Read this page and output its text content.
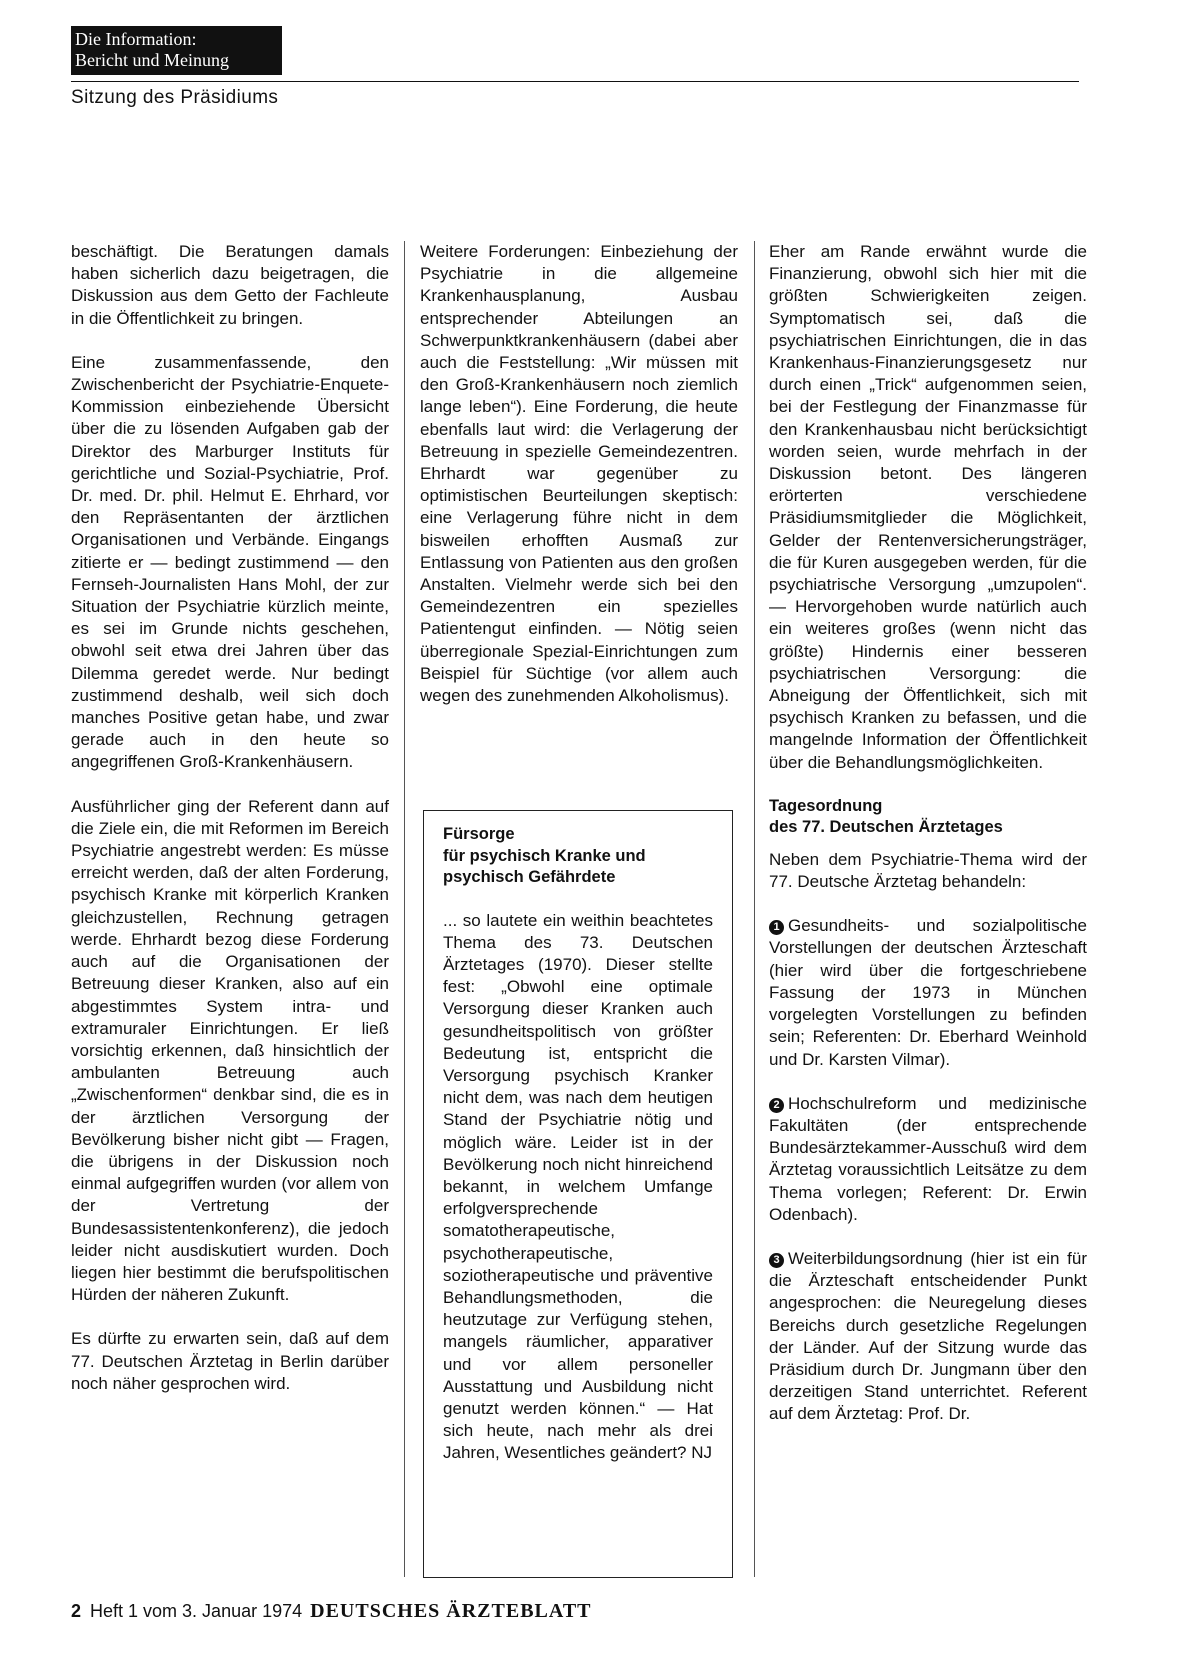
Die Information:
Bericht und Meinung
Sitzung des Präsidiums

beschäftigt. Die Beratungen damals haben sicherlich dazu beigetragen, die Diskussion aus dem Getto der Fachleute in die Öffentlichkeit zu bringen.

Eine zusammenfassende, den Zwischenbericht der Psychiatrie-Enquete-Kommission einbeziehende Übersicht über die zu lösenden Aufgaben gab der Direktor des Marburger Instituts für gerichtliche und Sozial-Psychiatrie, Prof. Dr. med. Dr. phil. Helmut E. Ehrhard, vor den Repräsentanten der ärztlichen Organisationen und Verbände. Eingangs zitierte er — bedingt zustimmend — den Fernseh-Journalisten Hans Mohl, der zur Situation der Psychiatrie kürzlich meinte, es sei im Grunde nichts geschehen, obwohl seit etwa drei Jahren über das Dilemma geredet werde. Nur bedingt zustimmend deshalb, weil sich doch manches Positive getan habe, und zwar gerade auch in den heute so angegriffenen Groß-Krankenhäusern.

Ausführlicher ging der Referent dann auf die Ziele ein, die mit Reformen im Bereich Psychiatrie angestrebt werden: Es müsse erreicht werden, daß der alten Forderung, psychisch Kranke mit körperlich Kranken gleichzustellen, Rechnung getragen werde. Ehrhardt bezog diese Forderung auch auf die Organisationen der Betreuung dieser Kranken, also auf ein abgestimmtes System intra- und extramuraler Einrichtungen. Er ließ vorsichtig erkennen, daß hinsichtlich der ambulanten Betreuung auch „Zwischenformen“ denkbar sind, die es in der ärztlichen Versorgung der Bevölkerung bisher nicht gibt — Fragen, die übrigens in der Diskussion noch einmal aufgegriffen wurden (vor allem von der Vertretung der Bundesassistentenkonferenz), die jedoch leider nicht ausdiskutiert wurden. Doch liegen hier bestimmt die berufspolitischen Hürden der näheren Zukunft.

Es dürfte zu erwarten sein, daß auf dem 77. Deutschen Ärztetag in Berlin darüber noch näher gesprochen wird.

Weitere Forderungen: Einbeziehung der Psychiatrie in die allgemeine Krankenhausplanung, Ausbau entsprechender Abteilungen an Schwerpunktkrankenhäusern (dabei aber auch die Feststellung: „Wir müssen mit den Groß-Krankenhäusern noch ziemlich lange leben“). Eine Forderung, die heute ebenfalls laut wird: die Verlagerung der Betreuung in spezielle Gemeindezentren. Ehrhardt war gegenüber zu optimistischen Beurteilungen skeptisch: eine Verlagerung führe nicht in dem bisweilen erhofften Ausmaß zur Entlassung von Patienten aus den großen Anstalten. Vielmehr werde sich bei den Gemeindezentren ein spezielles Patientengut einfinden. — Nötig seien überregionale Spezial-Einrichtungen zum Beispiel für Süchtige (vor allem auch wegen des zunehmenden Alkoholismus).

Fürsorge
für psychisch Kranke und
psychisch Gefährdete
... so lautete ein weithin beachtetes Thema des 73. Deutschen Ärztetages (1970). Dieser stellte fest: „Obwohl eine optimale Versorgung dieser Kranken auch gesundheitspolitisch von größter Bedeutung ist, entspricht die Versorgung psychisch Kranker nicht dem, was nach dem heutigen Stand der Psychiatrie nötig und möglich wäre. Leider ist in der Bevölkerung noch nicht hinreichend bekannt, in welchem Umfange erfolgversprechende somatotherapeutische, psychotherapeutische, soziotherapeutische und präventive Behandlungsmethoden, die heutzutage zur Verfügung stehen, mangels räumlicher, apparativer und vor allem personeller Ausstattung und Ausbildung nicht genutzt werden können.“ — Hat sich heute, nach mehr als drei Jahren, Wesentliches geändert? NJ

Eher am Rande erwähnt wurde die Finanzierung, obwohl sich hier mit die größten Schwierigkeiten zeigen. Symptomatisch sei, daß die psychiatrischen Einrichtungen, die in das Krankenhaus-Finanzierungsgesetz nur durch einen „Trick“ aufgenommen seien, bei der Festlegung der Finanzmasse für den Krankenhausbau nicht berücksichtigt worden seien, wurde mehrfach in der Diskussion betont. Des längeren erörterten verschiedene Präsidiumsmitglieder die Möglichkeit, Gelder der Rentenversicherungsträger, die für Kuren ausgegeben werden, für die psychiatrische Versorgung „umzupolen“. — Hervorgehoben wurde natürlich auch ein weiteres großes (wenn nicht das größte) Hindernis einer besseren psychiatrischen Versorgung: die Abneigung der Öffentlichkeit, sich mit psychisch Kranken zu befassen, und die mangelnde Information der Öffentlichkeit über die Behandlungsmöglichkeiten.

Tagesordnung
des 77. Deutschen Ärztetages

Neben dem Psychiatrie-Thema wird der 77. Deutsche Ärztetag behandeln:

1 Gesundheits- und sozialpolitische Vorstellungen der deutschen Ärzteschaft (hier wird über die fortgeschriebene Fassung der 1973 in München vorgelegten Vorstellungen zu befinden sein; Referenten: Dr. Eberhard Weinhold und Dr. Karsten Vilmar).

2 Hochschulreform und medizinische Fakultäten (der entsprechende Bundesärztekammer-Ausschuß wird dem Ärztetag voraussichtlich Leitsätze zu dem Thema vorlegen; Referent: Dr. Erwin Odenbach).

3 Weiterbildungsordnung (hier ist ein für die Ärzteschaft entscheidender Punkt angesprochen: die Neuregelung dieses Bereichs durch gesetzliche Regelungen der Länder. Auf der Sitzung wurde das Präsidium durch Dr. Jungmann über den derzeitigen Stand unterrichtet. Referent auf dem Ärztetag: Prof. Dr.

2 Heft 1 vom 3. Januar 1974 DEUTSCHES ÄRZTEBLATT
